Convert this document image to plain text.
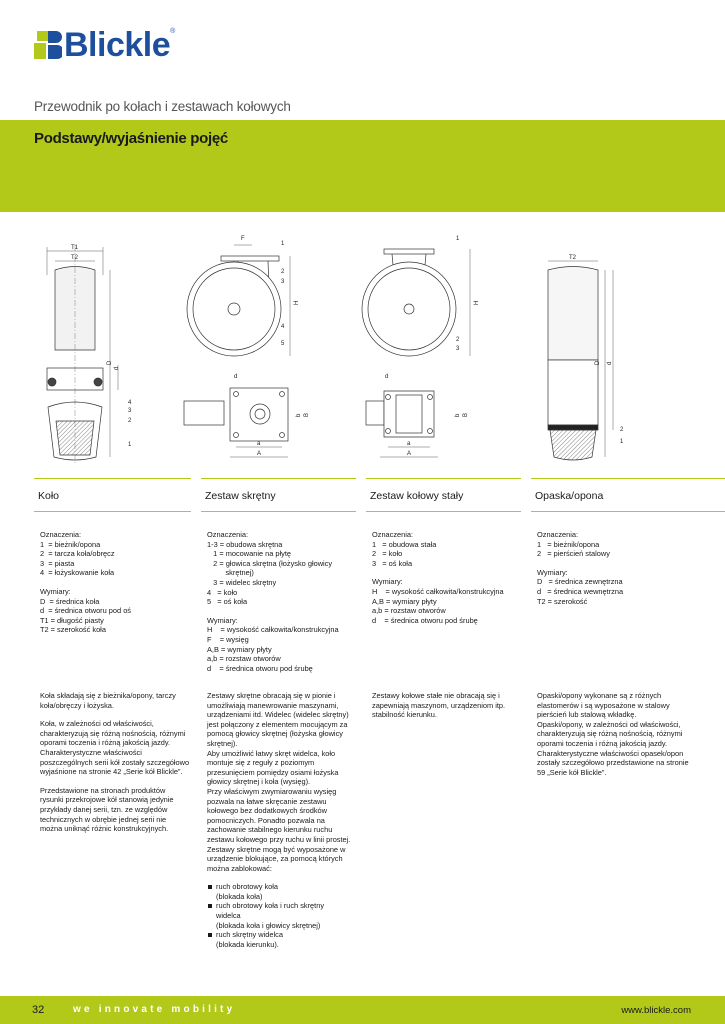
Blickle ®
Przewodnik po kołach i zestawach kołowych
Podstawy/wyjaśnienie pojęć
T1
T2
D
d
4
3
2
1
F
1
2
3
H
4
5
d
b B
a
A
1
H
2
3
d
b B
a
A
T2
D d
2
1
Koło	Zestaw skrętny	Zestaw kołowy stały	Opaska/opona
Oznaczenia:
1  = bieżnik/opona
2  = tarcza koła/obręcz
3  = piasta
4  = łożyskowanie koła
Wymiary:
D  = średnica koła
d  = średnica otworu pod oś
T1 = długość piasty
T2 = szerokość koła
Koła składają się z bieżnika/opony, tarczy koła/obręczy i łożyska.
Koła, w zależności od właściwości, charakteryzują się różną nośnością, różnymi oporami toczenia i różną jakością jazdy. Charakterystyczne właściwości poszczególnych serii kół zostały szczegółowo wyjaśnione na stronie 42 „Serie kół Blickle”.
Przedstawione na stronach produktów rysunki przekrojowe kół stanowią jedynie przykłady danej serii, tzn. ze względów technicznych w obrębie jednej serii nie można uniknąć różnic konstrukcyjnych.
Oznaczenia:
1-3 = obudowa skrętna
1 = mocowanie na płytę
2 = głowica skrętna (łożysko głowicy
skrętnej)
3 = widelec skrętny
4   = koło
5   = oś koła
Wymiary:
H    = wysokość całkowita/konstrukcyjna
F    = wysięg
A,B = wymiary płyty
a,b = rozstaw otworów
d    = średnica otworu pod śrubę
Zestawy skrętne obracają się w pionie i umożliwiają manewrowanie maszynami, urządzeniami itd. Widelec (widelec skrętny) jest połączony z elementem mocującym za pomocą głowicy skrętnej (łożyska głowicy skrętnej).
Aby umożliwić łatwy skręt widelca, koło montuje się z reguły z poziomym przesunięciem pomiędzy osiami łożyska głowicy skrętnej i koła (wysięg).
Przy właściwym zwymiarowaniu wysięg pozwala na łatwe skręcanie zestawu kołowego bez dodatkowych środków pomocniczych. Ponadto pozwala na zachowanie stabilnego kierunku ruchu zestawu kołowego przy ruchu w linii prostej.
Zestawy skrętne mogą być wyposażone w urządzenie blokujące, za pomocą których można zablokować:
ruch obrotowy koła
(blokada koła)
ruch obrotowy koła i ruch skrętny
widelca
(blokada koła i głowicy skrętnej)
ruch skrętny widelca
(blokada kierunku).
Oznaczenia:
1   = obudowa stała
2   = koło
3   = oś koła
Wymiary:
H    = wysokość całkowita/konstrukcyjna
A,B = wymiary płyty
a,b = rozstaw otworów
d    = średnica otworu pod śrubę
Zestawy kołowe stałe nie obracają się i zapewniają maszynom, urządzeniom itp. stabilność kierunku.
Oznaczenia:
1   = bieżnik/opona
2   = pierścień stalowy
Wymiary:
D   = średnica zewnętrzna
d   = średnica wewnętrzna
T2 = szerokość
Opaski/opony wykonane są z różnych elastomerów i są wyposażone w stalowy pierścień lub stalową wkładkę.
Opaski/opony, w zależności od właściwości, charakteryzują się różną nośnością, różnymi oporami toczenia i różną jakością jazdy. Charakterystyczne właściwości opasek/opon zostały szczegółowo przedstawione na stronie 59 „Serie kół Blickle”.
32	we innovate mobility	www.blickle.com
